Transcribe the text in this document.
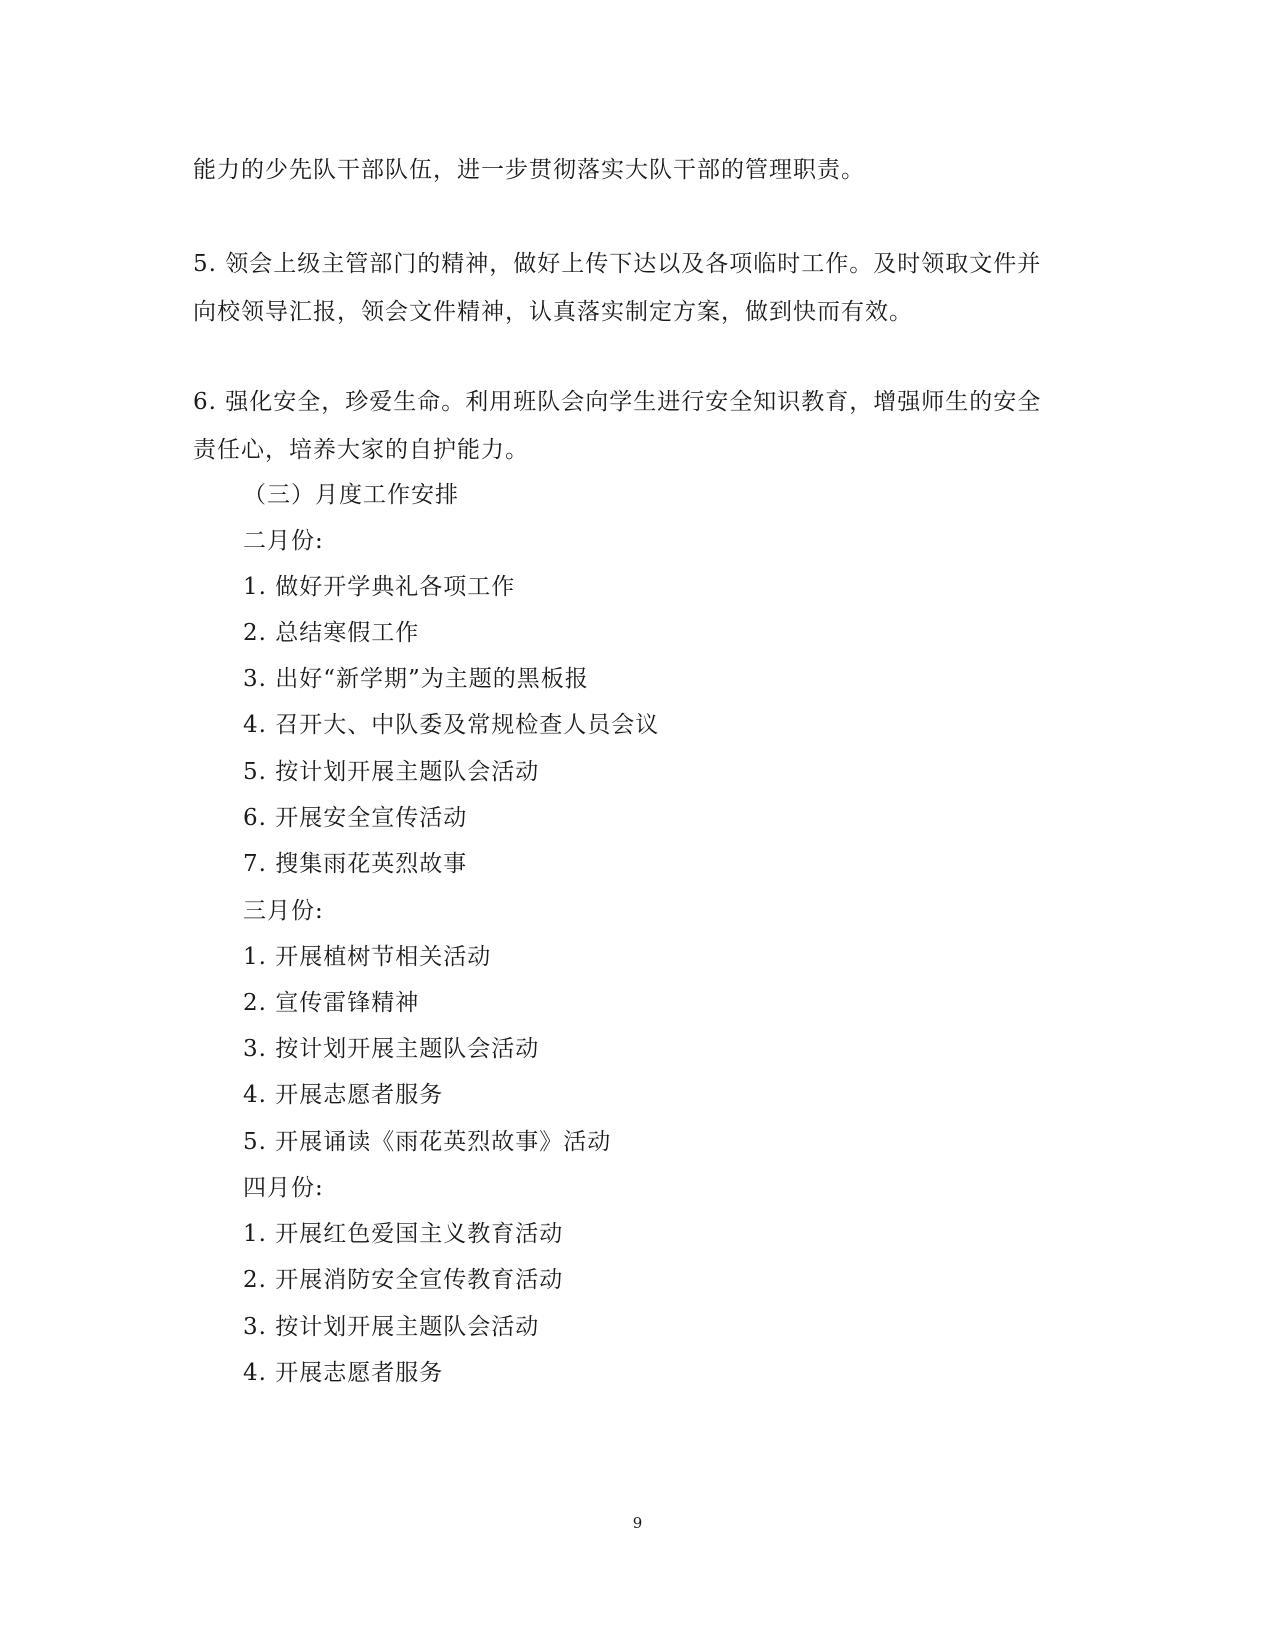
能力的少先队干部队伍，进一步贯彻落实大队干部的管理职责。

5. 领会上级主管部门的精神，做好上传下达以及各项临时工作。及时领取文件并
向校领导汇报，领会文件精神，认真落实制定方案，做到快而有效。

6. 强化安全，珍爱生命。利用班队会向学生进行安全知识教育，增强师生的安全
责任心，培养大家的自护能力。

（三）月度工作安排
二月份:
1. 做好开学典礼各项工作
2. 总结寒假工作
3. 出好“新学期”为主题的黑板报
4. 召开大、中队委及常规检查人员会议
5. 按计划开展主题队会活动
6. 开展安全宣传活动
7. 搜集雨花英烈故事
三月份:
1. 开展植树节相关活动
2. 宣传雷锋精神
3. 按计划开展主题队会活动
4. 开展志愿者服务
5. 开展诵读《雨花英烈故事》活动
四月份:
1. 开展红色爱国主义教育活动
2. 开展消防安全宣传教育活动
3. 按计划开展主题队会活动
4. 开展志愿者服务
9
